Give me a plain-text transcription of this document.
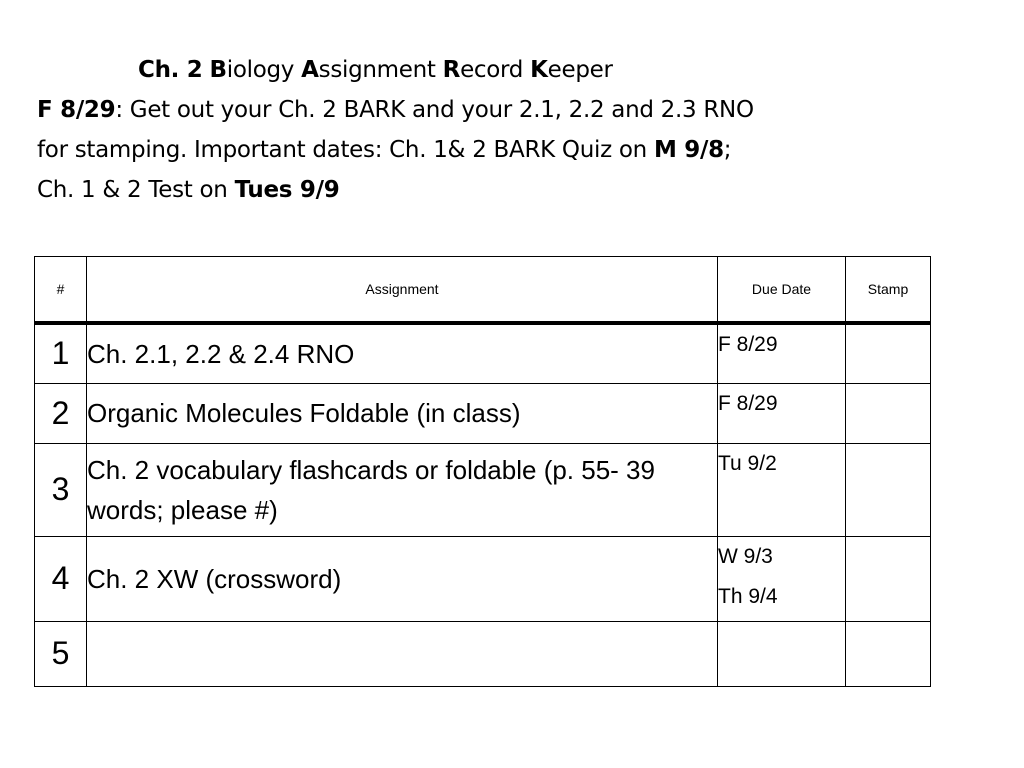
Ch. 2 Biology Assignment Record Keeper
F 8/29: Get out your Ch. 2 BARK and your 2.1, 2.2 and 2.3 RNO
for stamping. Important dates: Ch. 1& 2 BARK Quiz on M 9/8;
Ch. 1 & 2 Test on Tues 9/9
#	Assignment	Due Date	Stamp
1	Ch. 2.1, 2.2 & 2.4 RNO	F 8/29	

2	Organic Molecules Foldable (in class)	F 8/29	

3	Ch. 2 vocabulary flashcards or foldable (p. 55- 39 words; please #)	Tu 9/2	

4	Ch. 2 XW (crossword)	W 9/3
Th 9/4	

5			
